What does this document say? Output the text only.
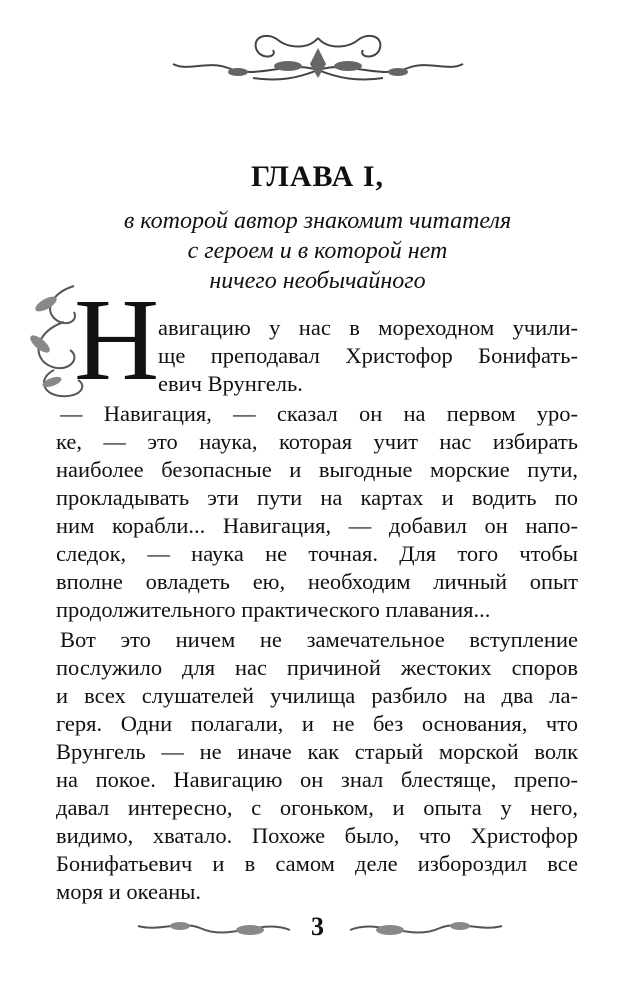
ГЛАВА I,
в которой автор знакомит читателя
с героем и в которой нет
ничего необычайного
Н
авигацию у нас в мореходном учили-
ще преподавал Христофор Бонифать-
евич Врунгель.
— Навигация, — сказал он на первом уро-
ке, — это наука, которая учит нас избирать
наиболее безопасные и выгодные морские пути,
прокладывать эти пути на картах и водить по
ним корабли... Навигация, — добавил он напо-
следок, — наука не точная. Для того чтобы
вполне овладеть ею, необходим личный опыт
продолжительного практического плавания...
Вот это ничем не замечательное вступление
послужило для нас причиной жестоких споров
и всех слушателей училища разбило на два ла-
геря. Одни полагали, и не без основания, что
Врунгель — не иначе как старый морской волк
на покое. Навигацию он знал блестяще, препо-
давал интересно, с огоньком, и опыта у него,
видимо, хватало. Похоже было, что Христофор
Бонифатьевич и в самом деле избороздил все
моря и океаны.
3
